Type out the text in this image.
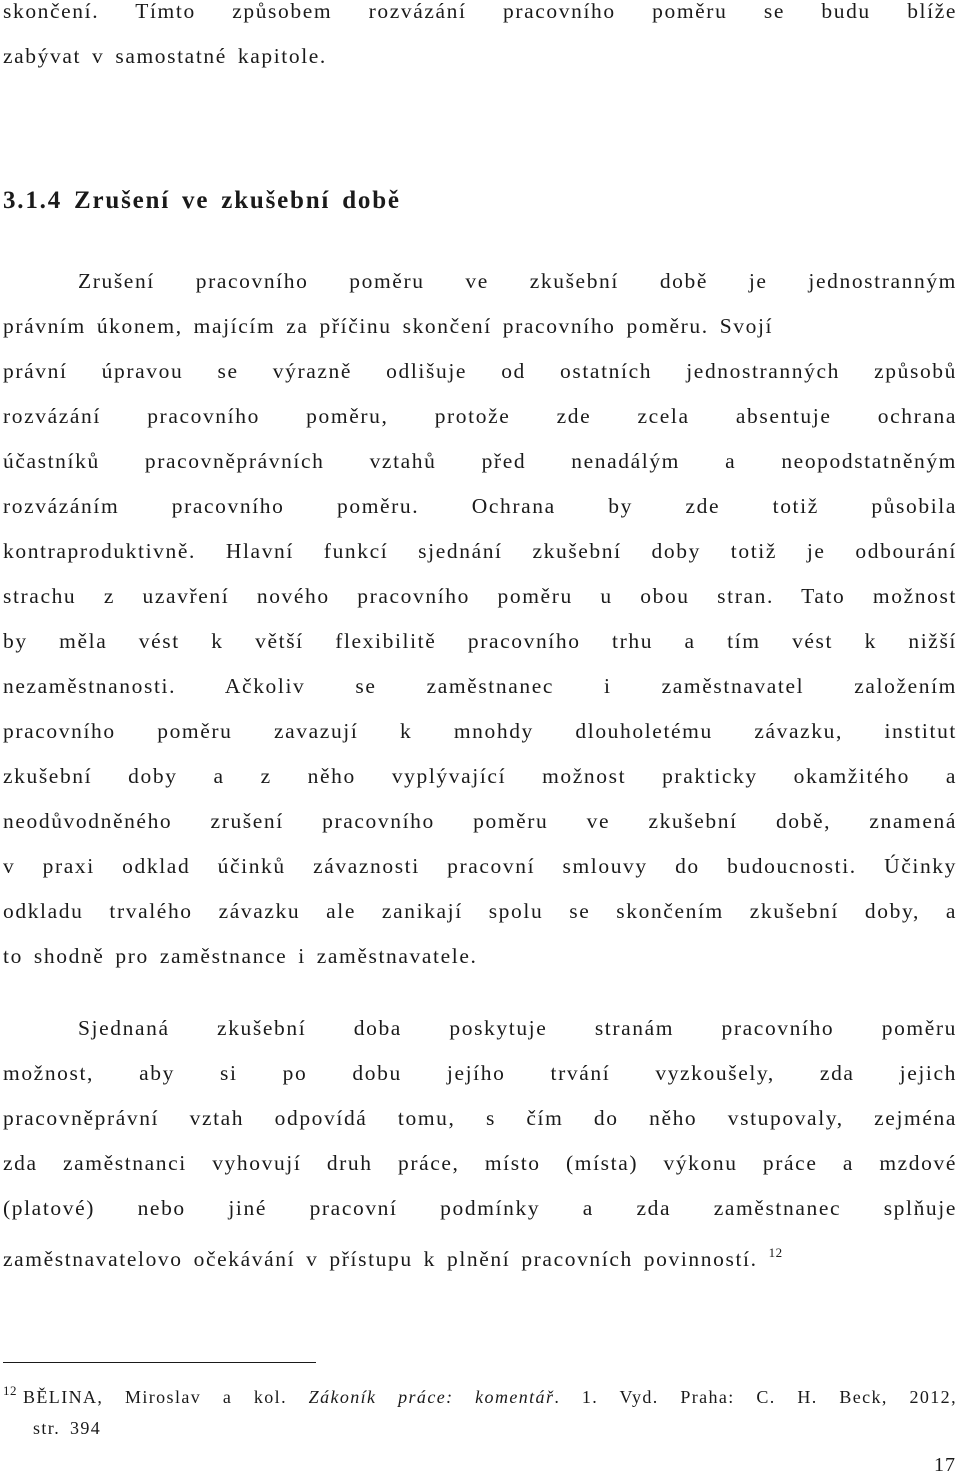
skončení. Tímto způsobem rozvázání pracovního poměru se budu blíže
zabývat v samostatné kapitole.
3.1.4 Zrušení ve zkušební době
Zrušení pracovního poměru ve zkušební době je jednostranným
právním úkonem, majícím za příčinu skončení pracovního poměru. Svojí
právní úpravou se výrazně odlišuje od ostatních jednostranných způsobů
rozvázání pracovního poměru, protože zde zcela absentuje ochrana
účastníků pracovněprávních vztahů před nenadálým a neopodstatněným
rozvázáním pracovního poměru. Ochrana by zde totiž působila
kontraproduktivně. Hlavní funkcí sjednání zkušební doby totiž je odbourání
strachu z uzavření nového pracovního poměru u obou stran. Tato možnost
by měla vést k větší flexibilitě pracovního trhu a tím vést k nižší
nezaměstnanosti. Ačkoliv se zaměstnanec i zaměstnavatel založením
pracovního poměru zavazují k mnohdy dlouholetému závazku, institut
zkušební doby a z něho vyplývající možnost prakticky okamžitého a
neodůvodněného zrušení pracovního poměru ve zkušební době, znamená
v praxi odklad účinků závaznosti pracovní smlouvy do budoucnosti. Účinky
odkladu trvalého závazku ale zanikají spolu se skončením zkušební doby, a
to shodně pro zaměstnance i zaměstnavatele.
Sjednaná zkušební doba poskytuje stranám pracovního poměru
možnost, aby si po dobu jejího trvání vyzkoušely, zda jejich
pracovněprávní vztah odpovídá tomu, s čím do něho vstupovaly, zejména
zda zaměstnanci vyhovují druh práce, místo (místa) výkonu práce a mzdové
(platové) nebo jiné pracovní podmínky a zda zaměstnanec splňuje
zaměstnavatelovo očekávání v přístupu k plnění pracovních povinností. $^{12}$
$^{12}$ BĚLINA, Miroslav a kol. Zákoník práce: komentář. 1. Vyd. Praha: C. H. Beck, 2012,
str. 394
17
